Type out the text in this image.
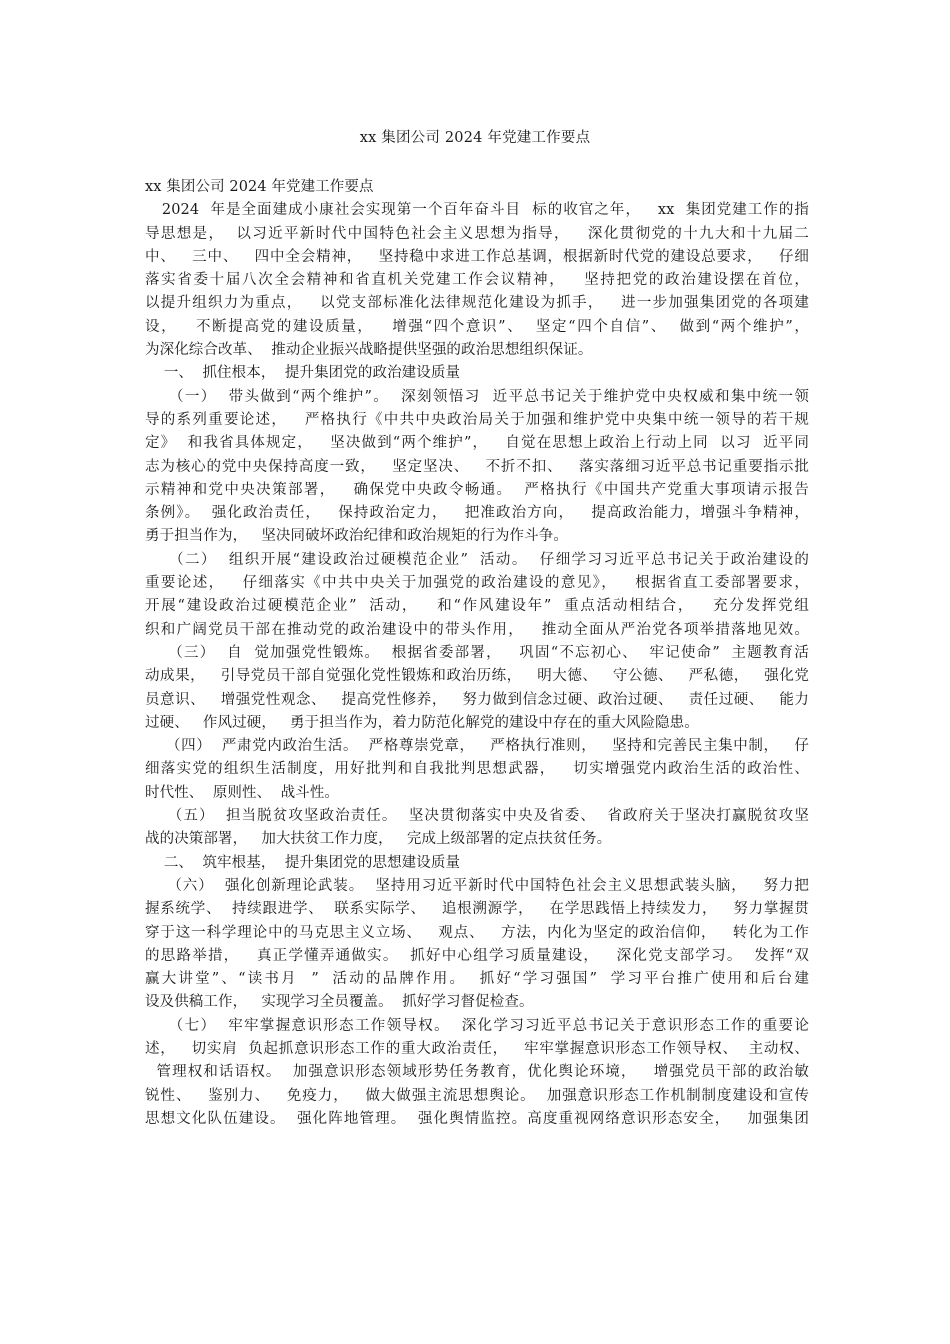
xx 集团公司 2024 年党建工作要点
xx 集团公司 2024 年党建工作要点
2024  年是全面建成小康社会实现第一个百年奋斗目  标的收官之年，   xx  集团党建工作的指
导思想是，  以习近平新时代中国特色社会主义思想为指导，   深化贯彻党的十九大和十九届二
中、   三中、   四中全会精神，   坚持稳中求进工作总基调，根据新时代党的建设总要求，   仔细
落实省委十届八次全会精神和省直机关党建工作会议精神，   坚持把党的政治建设摆在首位，
以提升组织力为重点，   以党支部标准化法律规范化建设为抓手，   进一步加强集团党的各项建
设，   不断提高党的建设质量，   增强“四个意识”、  坚定“四个自信”、  做到“两个维护”，
为深化综合改革、  推动企业振兴战略提供坚强的政治思想组织保证。
一、  抓住根本，  提升集团党的政治建设质量
（一）  带头做到“两个维护”。  深刻领悟习  近平总书记关于维护党中央权威和集中统一领
导的系列重要论述，   严格执行《中共中央政治局关于加强和维护党中央集中统一领导的若干规
定》  和我省具体规定，   坚决做到“两个维护”，   自觉在思想上政治上行动上同  以习  近平同
志为核心的党中央保持高度一致，   坚定坚决、   不折不扣、   落实落细习近平总书记重要指示批
示精神和党中央决策部署，   确保党中央政令畅通。  严格执行《中国共产党重大事项请示报告
条例》。  强化政治责任，   保持政治定力，   把准政治方向，   提高政治能力，增强斗争精神，
勇于担当作为，   坚决同破坏政治纪律和政治规矩的行为作斗争。
（二）  组织开展“建设政治过硬模范企业”  活动。  仔细学习习近平总书记关于政治建设的
重要论述，   仔细落实《中共中央关于加强党的政治建设的意见》，   根据省直工委部署要求，
开展“建设政治过硬模范企业”  活动，   和“作风建设年”  重点活动相结合，   充分发挥党组
织和广阔党员干部在推动党的政治建设中的带头作用，   推动全面从严治党各项举措落地见效。
（三）  自  觉加强党性锻炼。  根据省委部署，   巩固“不忘初心、  牢记使命”  主题教育活
动成果，   引导党员干部自觉强化党性锻炼和政治历练，   明大德、   守公德、   严私德，   强化党
员意识、   增强党性观念、   提高党性修养，   努力做到信念过硬、政治过硬、   责任过硬、   能力
过硬、   作风过硬，   勇于担当作为，着力防范化解党的建设中存在的重大风险隐患。
（四）  严肃党内政治生活。  严格尊崇党章，   严格执行准则，   坚持和完善民主集中制，   仔
细落实党的组织生活制度，用好批判和自我批判思想武器，   切实增强党内政治生活的政治性、
时代性、  原则性、  战斗性。
（五）  担当脱贫攻坚政治责任。  坚决贯彻落实中央及省委、  省政府关于坚决打赢脱贫攻坚
战的决策部署，   加大扶贫工作力度，   完成上级部署的定点扶贫任务。
二、  筑牢根基，  提升集团党的思想建设质量
（六）  强化创新理论武装。  坚持用习近平新时代中国特色社会主义思想武装头脑，   努力把
握系统学、  持续跟进学、  联系实际学、   追根溯源学，   在学思践悟上持续发力，   努力掌握贯
穿于这一科学理论中的马克思主义立场、   观点、   方法，内化为坚定的政治信仰，   转化为工作
的思路举措，   真正学懂弄通做实。  抓好中心组学习质量建设，   深化党支部学习。  发挥“双
赢大讲堂”、“读书月  ”  活动的品牌作用。  抓好“学习强国”  学习平台推广使用和后台建
设及供稿工作，   实现学习全员覆盖。  抓好学习督促检查。
（七）  牢牢掌握意识形态工作领导权。  深化学习习近平总书记关于意识形态工作的重要论
述，   切实肩  负起抓意识形态工作的重大政治责任，   牢牢掌握意识形态工作领导权、  主动权、
管理权和话语权。  加强意识形态领域形势任务教育，优化舆论环境，   增强党员干部的政治敏
锐性、   鉴别力、   免疫力，   做大做强主流思想舆论。  加强意识形态工作机制制度建设和宣传
思想文化队伍建设。  强化阵地管理。  强化舆情监控。高度重视网络意识形态安全，   加强集团
